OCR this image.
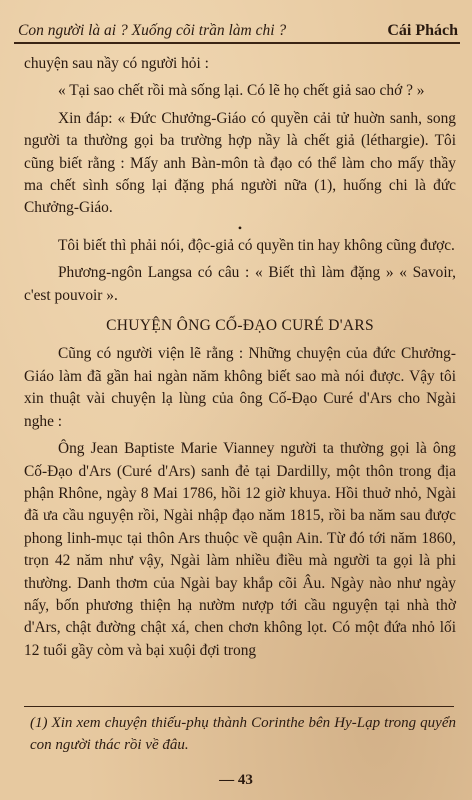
Con người là ai ? Xuống cõi trần làm chi ?	Cái Phách

chuyện sau nầy có người hỏi :

« Tại sao chết rồi mà sống lại. Có lẽ họ chết giả sao chớ ? »

Xin đáp: « Đức Chưởng-Giáo có quyền cải tử huờn sanh, song người ta thường gọi ba trường hợp nầy là chết giả (léthargie). Tôi cũng biết rằng : Mấy anh Bàn-môn tà đạo có thể làm cho mấy thầy ma chết sình sống lại đặng phá người nữa (1), huống chi là đức Chưởng-Giáo.

•

Tôi biết thì phải nói, độc-giả có quyền tin hay không cũng được.

Phương-ngôn Langsa có câu : « Biết thì làm đặng » « Savoir, c'est pouvoir ».

CHUYỆN ÔNG CỐ-ĐẠO CURÉ D'ARS

Cũng có người viện lẽ rằng : Những chuyện của đức Chưởng-Giáo làm đã gần hai ngàn năm không biết sao mà nói được. Vậy tôi xin thuật vài chuyện lạ lùng của ông Cố-Đạo Curé d'Ars cho Ngài nghe :

Ông Jean Baptiste Marie Vianney người ta thường gọi là ông Cố-Đạo d'Ars (Curé d'Ars) sanh đẻ tại Dardilly, một thôn trong địa phận Rhône, ngày 8 Mai 1786, hồi 12 giờ khuya. Hồi thuở nhỏ, Ngài đã ưa cầu nguyện rồi, Ngài nhập đạo năm 1815, rồi ba năm sau được phong linh-mục tại thôn Ars thuộc về quận Ain. Từ đó tới năm 1860, trọn 42 năm như vậy, Ngài làm nhiều điều mà người ta gọi là phi thường. Danh thơm của Ngài bay khắp cõi Âu. Ngày nào như ngày nấy, bốn phương thiện hạ nườm nượp tới cầu nguyện tại nhà thờ d'Ars, chật đường chật xá, chen chơn không lọt. Có một đứa nhỏ lối 12 tuổi gầy còm và bại xuội đợi trong

(1) Xin xem chuyện thiếu-phụ thành Corinthe bên Hy-Lạp trong quyển con người thác rồi về đâu.
— 43
